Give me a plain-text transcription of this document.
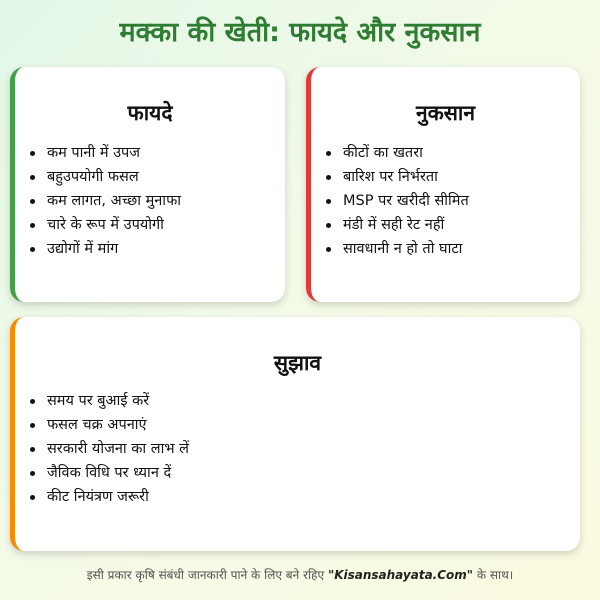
मक्का की खेती: फायदे और नुकसान
फायदे
कम पानी में उपज
बहुउपयोगी फसल
कम लागत, अच्छा मुनाफा
चारे के रूप में उपयोगी
उद्योगों में मांग
नुकसान
कीटों का खतरा
बारिश पर निर्भरता
MSP पर खरीदी सीमित
मंडी में सही रेट नहीं
सावधानी न हो तो घाटा
सुझाव
समय पर बुआई करें
फसल चक्र अपनाएं
सरकारी योजना का लाभ लें
जैविक विधि पर ध्यान दें
कीट नियंत्रण जरूरी
इसी प्रकार कृषि संबंधी जानकारी पाने के लिए बने रहिए "Kisansahayata.Com" के साथ।
